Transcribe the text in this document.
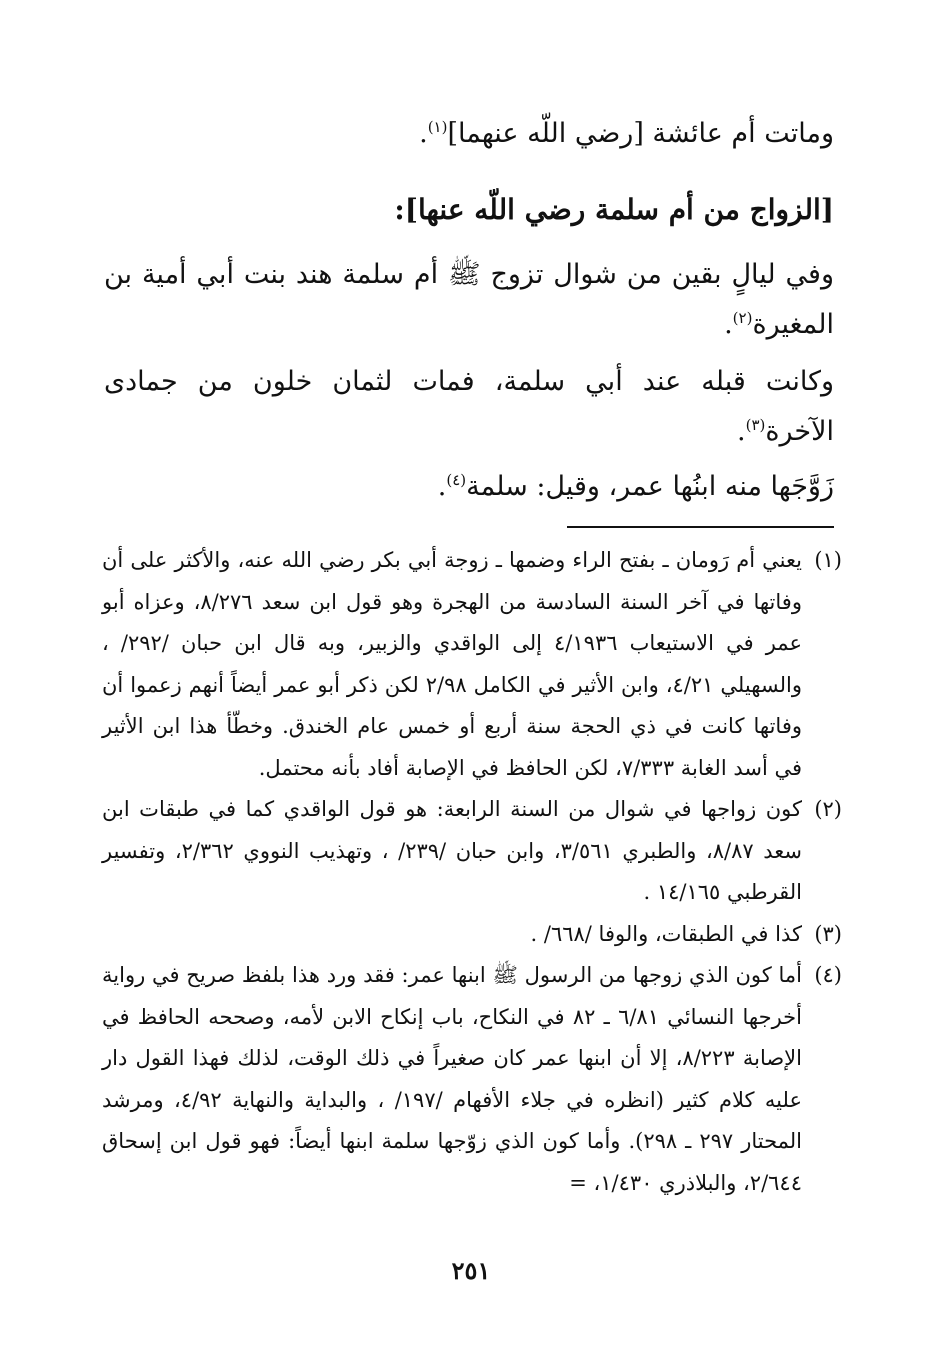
وماتت أم عائشة [رضي اللّه عنهما]$^{(١)}$.
[الزواج من أم سلمة رضي اللّه عنها]:
وفي ليالٍ بقين من شوال تزوج ﷺ أم سلمة هند بنت أبي أمية بن المغيرة$^{(٢)}$.
وكانت قبله عند أبي سلمة، فمات لثمان خلون من جمادى الآخرة$^{(٣)}$.
زَوَّجَها منه ابنُها عمر، وقيل: سلمة$^{(٤)}$.
(١)
يعني أم رَومان ـ بفتح الراء وضمها ـ زوجة أبي بكر رضي الله عنه، والأكثر على أن وفاتها في آخر السنة السادسة من الهجرة وهو قول ابن سعد ٨/٢٧٦، وعزاه أبو عمر في الاستيعاب ٤/١٩٣٦ إلى الواقدي والزبير، وبه قال ابن حبان /٢٩٢/ ، والسهيلي ٤/٢١، وابن الأثير في الكامل ٢/٩٨ لكن ذكر أبو عمر أيضاً أنهم زعموا أن وفاتها كانت في ذي الحجة سنة أربع أو خمس عام الخندق. وخطّأ هذا ابن الأثير في أسد الغابة ٧/٣٣٣، لكن الحافظ في الإصابة أفاد بأنه محتمل.
(٢)
كون زواجها في شوال من السنة الرابعة: هو قول الواقدي كما في طبقات ابن سعد ٨/٨٧، والطبري ٣/٥٦١، وابن حبان /٢٣٩/ ، وتهذيب النووي ٢/٣٦٢، وتفسير القرطبي ١٤/١٦٥ .
(٣)
كذا في الطبقات، والوفا /٦٦٨/ .
(٤)
أما كون الذي زوجها من الرسول ﷺ ابنها عمر: فقد ورد هذا بلفظ صريح في رواية أخرجها النسائي ٦/٨١ ـ ٨٢ في النكاح، باب إنكاح الابن لأمه، وصححه الحافظ في الإصابة ٨/٢٢٣، إلا أن ابنها عمر كان صغيراً في ذلك الوقت، لذلك فهذا القول دار عليه كلام كثير (انظره في جلاء الأفهام /١٩٧/ ، والبداية والنهاية ٤/٩٢، ومرشد المحتار ٢٩٧ ـ ٢٩٨). وأما كون الذي زوّجها سلمة ابنها أيضاً: فهو قول ابن إسحاق ٢/٦٤٤، والبلاذري ١/٤٣٠، =
٢٥١
